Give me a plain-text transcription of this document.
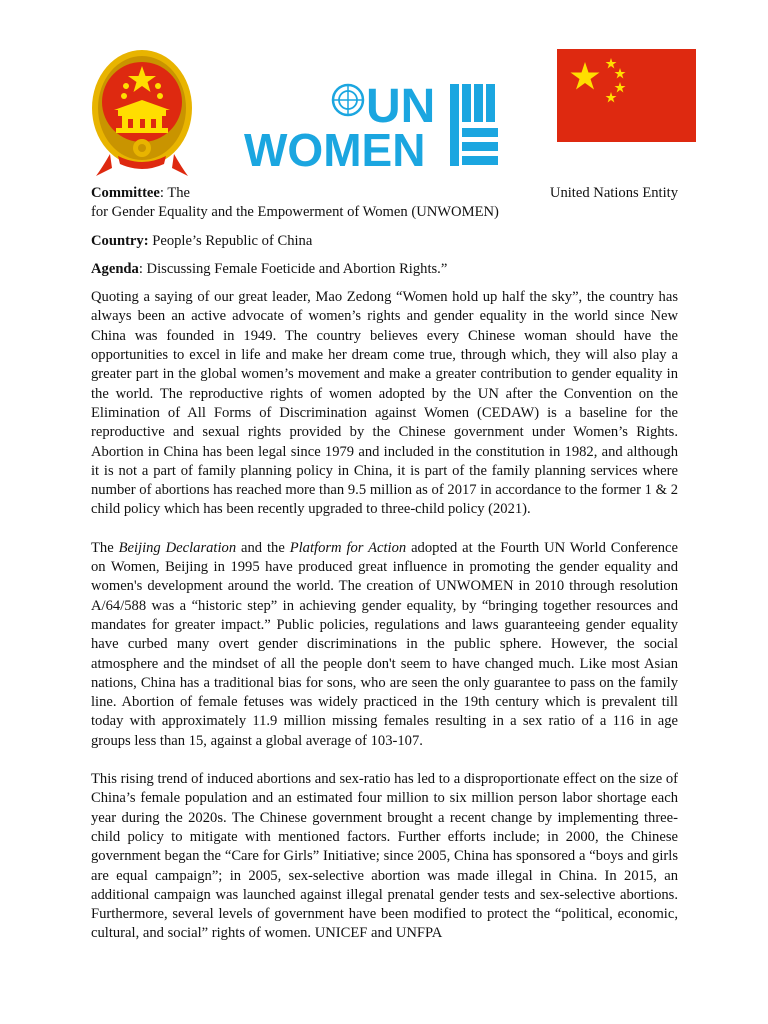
UN
WOMEN
Committee: The	United Nations Entity
for Gender Equality and the Empowerment of Women (UNWOMEN)
Country: People’s Republic of China
Agenda: Discussing Female Foeticide and Abortion Rights.”

Quoting a saying of our great leader, Mao Zedong “Women hold up half the sky”, the country has always been an active advocate of women’s rights and gender equality in the world since New China was founded in 1949. The country believes every Chinese woman should have the opportunities to excel in life and make her dream come true, through which, they will also play a greater part in the global women’s movement and make a greater contribution to gender equality in the world. The reproductive rights of women adopted by the UN after the Convention on the Elimination of All Forms of Discrimination against Women (CEDAW) is a baseline for the reproductive and sexual rights provided by the Chinese government under Women’s Rights. Abortion in China has been legal since 1979 and included in the constitution in 1982, and although it is not a part of family planning policy in China, it is part of the family planning services where number of abortions has reached more than 9.5 million as of 2017 in accordance to the former 1 & 2 child policy which has been recently upgraded to three-child policy (2021).

The Beijing Declaration and the Platform for Action adopted at the Fourth UN World Conference on Women, Beijing in 1995 have produced great influence in promoting the gender equality and women's development around the world. The creation of UNWOMEN in 2010 through resolution A/64/588 was a “historic step” in achieving gender equality, by “bringing together resources and mandates for greater impact.” Public policies, regulations and laws guaranteeing gender equality have curbed many overt gender discriminations in the public sphere. However, the social atmosphere and the mindset of all the people don't seem to have changed much. Like most Asian nations, China has a traditional bias for sons, who are seen the only guarantee to pass on the family line. Abortion of female fetuses was widely practiced in the 19th century which is prevalent till today with approximately 11.9 million missing females resulting in a sex ratio of a 116 in age groups less than 15, against a global average of 103-107.

This rising trend of induced abortions and sex-ratio has led to a disproportionate effect on the size of China’s female population and an estimated four million to six million person labor shortage each year during the 2020s. The Chinese government brought a recent change by implementing three-child policy to mitigate with mentioned factors. Further efforts include; in 2000, the Chinese government began the “Care for Girls” Initiative; since 2005, China has sponsored a “boys and girls are equal campaign”; in 2005, sex-selective abortion was made illegal in China. In 2015, an additional campaign was launched against illegal prenatal gender tests and sex-selective abortions. Furthermore, several levels of government have been modified to protect the “political, economic, cultural, and social” rights of women. UNICEF and UNFPA
